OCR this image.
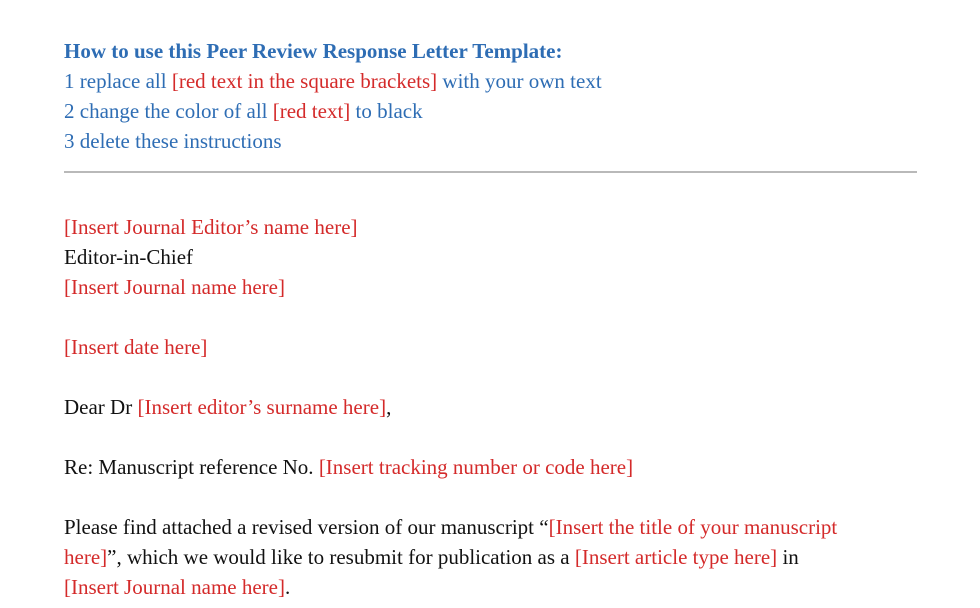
How to use this Peer Review Response Letter Template:
1 replace all [red text in the square brackets] with your own text
2 change the color of all [red text] to black
3 delete these instructions
[Insert Journal Editor’s name here]
Editor-in-Chief
[Insert Journal name here]
[Insert date here]
Dear Dr [Insert editor’s surname here],
Re: Manuscript reference No. [Insert tracking number or code here]
Please find attached a revised version of our manuscript “[Insert the title of your manuscript
here]”, which we would like to resubmit for publication as a [Insert article type here] in
[Insert Journal name here].
